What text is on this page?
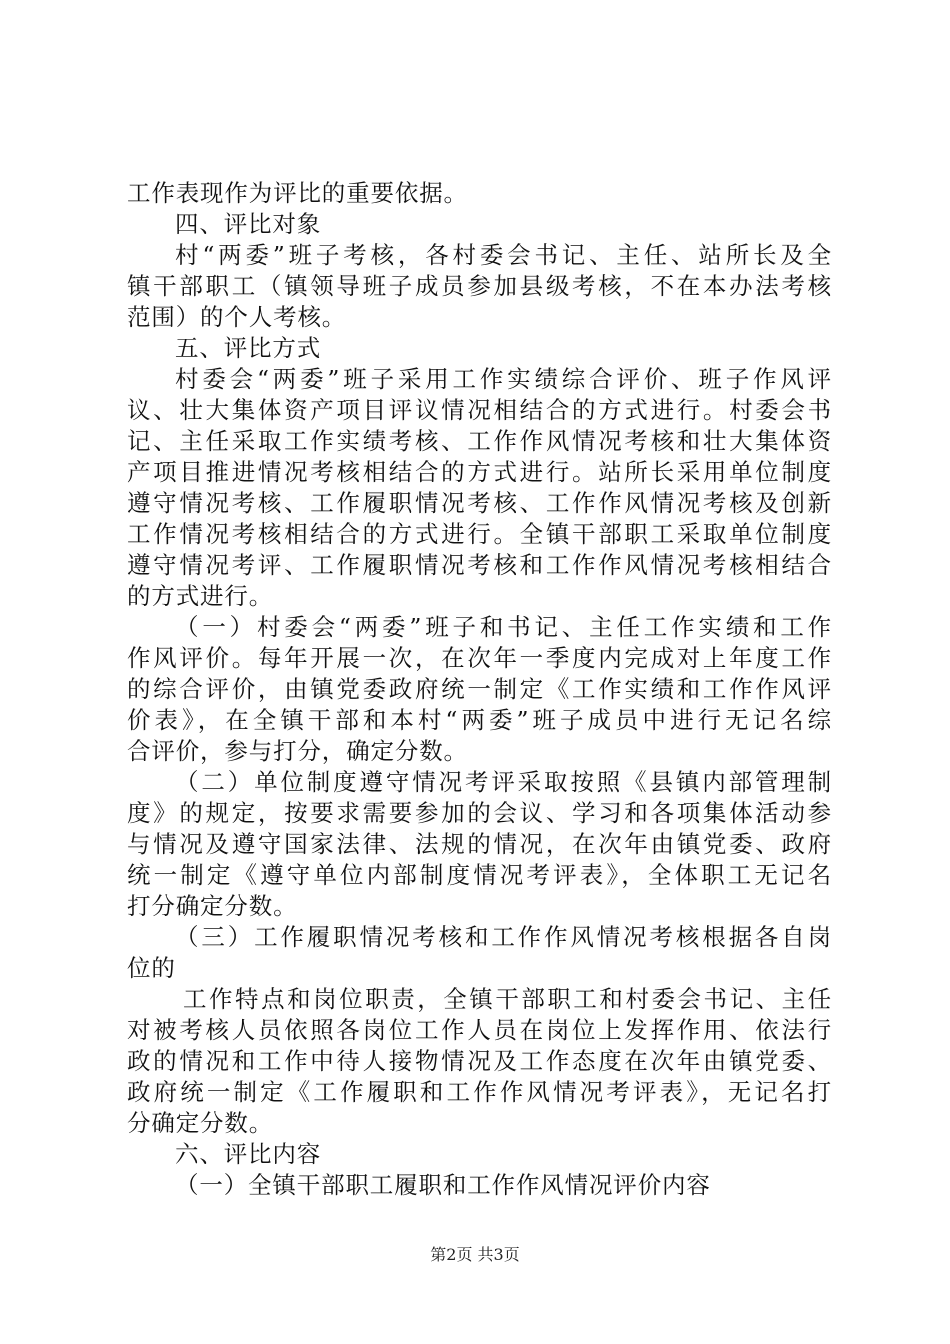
工作表现作为评比的重要依据。
四、评比对象
村“两委”班子考核，各村委会书记、主任、站所长及全
镇干部职工（镇领导班子成员参加县级考核，不在本办法考核
范围）的个人考核。
五、评比方式
村委会“两委”班子采用工作实绩综合评价、班子作风评
议、壮大集体资产项目评议情况相结合的方式进行。村委会书
记、主任采取工作实绩考核、工作作风情况考核和壮大集体资
产项目推进情况考核相结合的方式进行。站所长采用单位制度
遵守情况考核、工作履职情况考核、工作作风情况考核及创新
工作情况考核相结合的方式进行。全镇干部职工采取单位制度
遵守情况考评、工作履职情况考核和工作作风情况考核相结合
的方式进行。
（一）村委会“两委”班子和书记、主任工作实绩和工作
作风评价。每年开展一次，在次年一季度内完成对上年度工作
的综合评价，由镇党委政府统一制定《工作实绩和工作作风评
价表》，在全镇干部和本村“两委”班子成员中进行无记名综
合评价，参与打分，确定分数。
（二）单位制度遵守情况考评采取按照《县镇内部管理制
度》的规定，按要求需要参加的会议、学习和各项集体活动参
与情况及遵守国家法律、法规的情况，在次年由镇党委、政府
统一制定《遵守单位内部制度情况考评表》，全体职工无记名
打分确定分数。
（三）工作履职情况考核和工作作风情况考核根据各自岗
位的
工作特点和岗位职责，全镇干部职工和村委会书记、主任
对被考核人员依照各岗位工作人员在岗位上发挥作用、依法行
政的情况和工作中待人接物情况及工作态度在次年由镇党委、
政府统一制定《工作履职和工作作风情况考评表》，无记名打
分确定分数。
六、评比内容
（一）全镇干部职工履职和工作作风情况评价内容
第2页 共3页
